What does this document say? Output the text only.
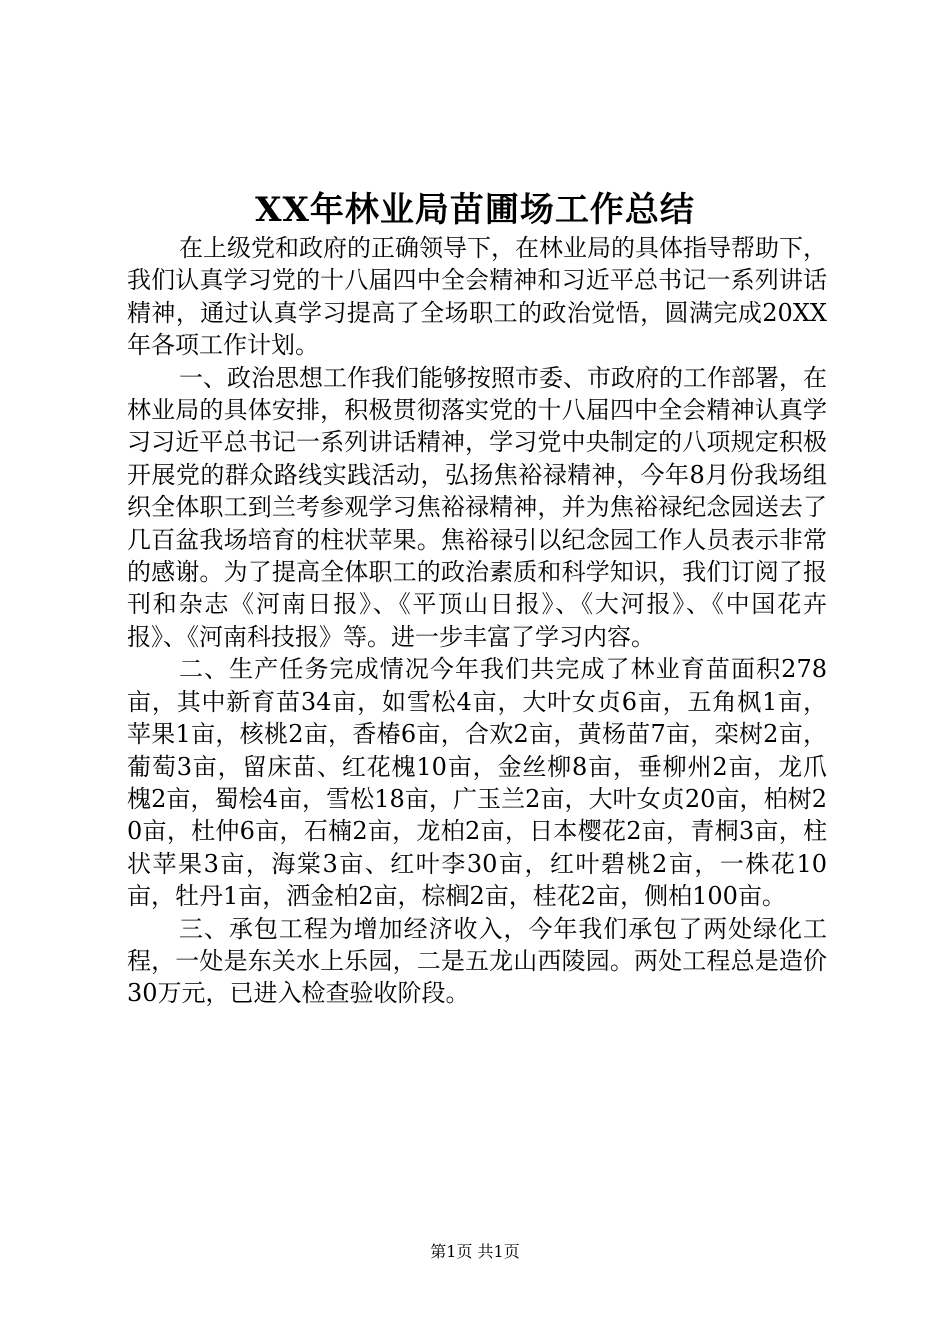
XX年林业局苗圃场工作总结

在上级党和政府的正确领导下，在林业局的具体指导帮助下，我们认真学习党的十八届四中全会精神和习近平总书记一系列讲话精神，通过认真学习提高了全场职工的政治觉悟，圆满完成20XX年各项工作计划。

一、政治思想工作我们能够按照市委、市政府的工作部署，在林业局的具体安排，积极贯彻落实党的十八届四中全会精神认真学习习近平总书记一系列讲话精神，学习党中央制定的八项规定积极开展党的群众路线实践活动，弘扬焦裕禄精神，今年8月份我场组织全体职工到兰考参观学习焦裕禄精神，并为焦裕禄纪念园送去了几百盆我场培育的柱状苹果。焦裕禄引以纪念园工作人员表示非常的感谢。为了提高全体职工的政治素质和科学知识，我们订阅了报刊和杂志《河南日报》、《平顶山日报》、《大河报》、《中国花卉报》、《河南科技报》等。进一步丰富了学习内容。

二、生产任务完成情况今年我们共完成了林业育苗面积278亩，其中新育苗34亩，如雪松4亩，大叶女贞6亩，五角枫1亩，苹果1亩，核桃2亩，香椿6亩，合欢2亩，黄杨苗7亩，栾树2亩，葡萄3亩，留床苗、红花槐10亩，金丝柳8亩，垂柳州2亩，龙爪槐2亩，蜀桧4亩，雪松18亩，广玉兰2亩，大叶女贞20亩，柏树20亩，杜仲6亩，石楠2亩，龙柏2亩，日本樱花2亩，青桐3亩，柱状苹果3亩，海棠3亩、红叶李30亩，红叶碧桃2亩，一株花10亩，牡丹1亩，洒金柏2亩，棕榈2亩，桂花2亩，侧柏100亩。

三、承包工程为增加经济收入，今年我们承包了两处绿化工程，一处是东关水上乐园，二是五龙山西陵园。两处工程总是造价30万元，已进入检查验收阶段。

第1页 共1页
